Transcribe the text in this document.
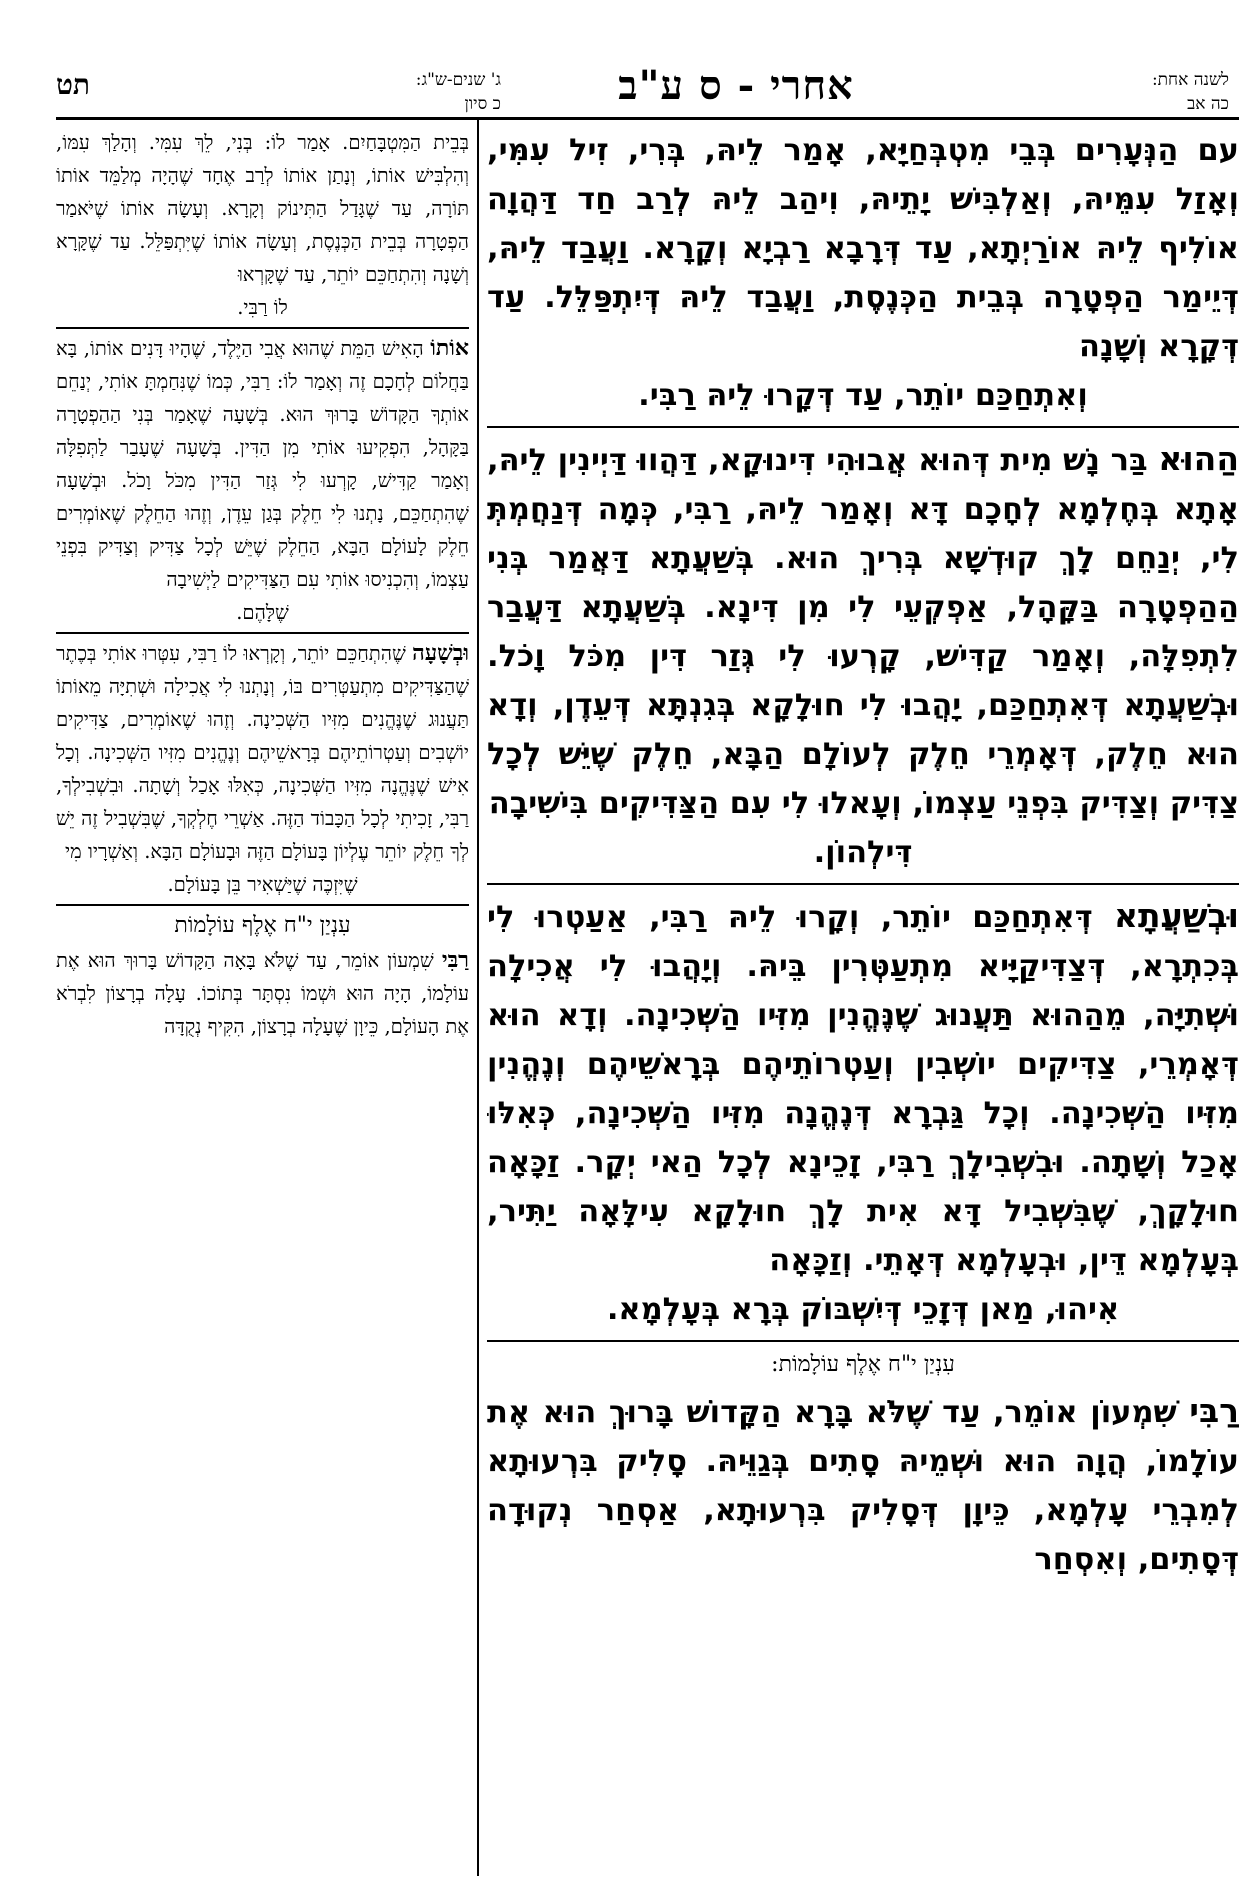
תט	ג' שנים-ש"ג:
כ סיון	אחרי - ס ע"ב	לשנה אחת:
כה אב

עם הַנְּעָרִים בְּבֵי מִטְבְּחַיָּא, אָמַר לֵיהּ, בְּרִי, זִיל עִמִּי, וְאָזַל עִמֵּיהּ, וְאַלְבִּישׁ יָתֵיהּ, וִיהַב לֵיהּ לְרַב חַד דַּהֲוָה אוֹלִיף לֵיהּ אוֹרַיְתָא, עַד דְּרָבָא רַבְיָא וְקָרָא. וַעֲבַד לֵיהּ, דְּיֵימַר הַפְטָרָה בְּבֵית הַכְּנֶסֶת, וַעֲבַד לֵיהּ דְּיִתְפַּלֵּל. עַד דְּקָרָא וְשָׁנָה

וְאִתְחַכַּם יוֹתֵר, עַד דְּקָרוּ לֵיהּ רַבִּי.

הַהוּא בַּר נָשׁ מִית דְּהוּא אֲבוּהִי דִּינוּקָא, דַּהֲווּ דַּיְינִין לֵיהּ, אָתָא בְּחֶלְמָא לְחָכָם דָּא וְאָמַר לֵיהּ, רַבִּי, כְּמָה דְּנַחֲמְתְּ לִי, יְנַחֵם לָךְ קוּדְשָׁא בְּרִיךְ הוּא. בְּשַׁעֲתָא דַּאֲמַר בְּנִי הַהַפְטָרָה בַּקָּהָל, אַפְקְעֵי לִי מִן דִּינָא. בְּשַׁעֲתָא דַּעֲבַר לִתְפִלָּה, וְאָמַר קַדִּישׁ, קָרְעוּ לִי גְּזַר דִּין מִכֹּל וָכֹל. וּבְשַׁעֲתָא דְּאִתְחַכַּם, יָהֲבוּ לִי חוּלָקָא בְּגִנְתָּא דְּעֵדֶן, וְדָא הוּא חֵלֶק, דְּאָמְרֵי חֵלֶק לְעוֹלָם הַבָּא, חֵלֶק שֶׁיֵּשׁ לְכָל צַדִּיק וְצַדִּיק בִּפְנֵי עַצְמוֹ, וְעָאלוּ לִי עִם הַצַּדִּיקִים בִּישִׁיבָה

דִּילְהוֹן.

וּבְשַׁעֲתָא דְּאִתְחַכַּם יוֹתֵר, וְקָרוּ לֵיהּ רַבִּי, אַעַטְרוּ לִי בְּכִתְרָא, דְּצַדִּיקַיָּיא מִתְעַטְּרִין בֵּיהּ. וְיָהֲבוּ לִי אֲכִילָה וּשְׁתִיָּה, מֵהַהוּא תַּעֲנוּג שֶׁנֶּהֱנִין מִזִּיו הַשְּׁכִינָה. וְדָא הוּא דְּאָמְרֵי, צַדִּיקִים יוֹשְׁבִין וְעַטְרוֹתֵיהֶם בְּרָאשֵׁיהֶם וְנֶהֱנִין מִזִּיו הַשְּׁכִינָה. וְכָל גַּבְרָא דְּנֶהֱנָה מִזִּיו הַשְּׁכִינָה, כְּאִלּוּ אָכַל וְשָׁתָה. וּבִשְׁבִילָךְ רַבִּי, זָכֵינָא לְכָל הַאי יְקָר. זַכָּאָה חוּלָקָךְ, שֶׁבִּשְׁבִיל דָּא אִית לָךְ חוּלָקָא עִילָּאָה יַתִּיר, בְּעָלְמָא דֵּין, וּבְעָלְמָא דְּאָתֵי. וְזַכָּאָה

אִיהוּ, מַאן דְּזָכֵי דְּיִשְׁבּוֹק בְּרָא בְּעָלְמָא.

עִנְיַן י"ח אֶלֶף עוֹלָמוֹת:

רַבִּי שִׁמְעוֹן אוֹמֵר, עַד שֶׁלֹּא בָּרָא הַקָּדוֹשׁ בָּרוּךְ הוּא אֶת עוֹלָמוֹ, הֲוָה הוּא וּשְׁמֵיהּ סָתִים בְּגַוֵּיהּ. סָלִיק בִּרְעוּתָא לְמִבְרֵי עָלְמָא, כֵּיוָן דְּסָלִיק בִּרְעוּתָא, אַסְחַר נְקוּדָה דְּסָתִים, וְאִסְחַר

בְּבֵית הַמִּטְבָּחַיִם. אָמַר לוֹ: בְּנִי, לֵךְ עִמִּי. וְהָלַךְ עִמּוֹ, וְהִלְבִּישׁ אוֹתוֹ, וְנָתַן אוֹתוֹ לְרַב אֶחָד שֶׁהָיָה מְלַמֵּד אוֹתוֹ תּוֹרָה, עַד שֶׁגָּדַל הַתִּינוֹק וְקָרָא. וְעָשָׂה אוֹתוֹ שֶׁיֹּאמַר הַפְטָרָה בְּבֵית הַכְּנֶסֶת, וְעָשָׂה אוֹתוֹ שֶׁיִּתְפַּלֵּל. עַד שֶׁקָּרָא וְשָׁנָה וְהִתְחַכֵּם יוֹתֵר, עַד שֶׁקָּרְאוּ

לוֹ רַבִּי.

אוֹתוֹ הָאִישׁ הַמֵּת שֶׁהוּא אֲבִי הַיֶּלֶד, שֶׁהָיוּ דָּנִים אוֹתוֹ, בָּא בַּחֲלוֹם לְחָכָם זֶה וְאָמַר לוֹ: רַבִּי, כְּמוֹ שֶׁנִּחַמְתָּ אוֹתִי, יְנַחֵם אוֹתְךָ הַקָּדוֹשׁ בָּרוּךְ הוּא. בְּשָׁעָה שֶׁאָמַר בְּנִי הַהַפְטָרָה בַּקָּהָל, הִפְקִיעוּ אוֹתִי מִן הַדִּין. בְּשָׁעָה שֶׁעָבַר לַתְּפִלָּה וְאָמַר קַדִּישׁ, קָרְעוּ לִי גְּזַר הַדִּין מִכֹּל וָכֹל. וּבְשָׁעָה שֶׁהִתְחַכֵּם, נָתְנוּ לִי חֵלֶק בְּגַן עֵדֶן, וְזֶהוּ הַחֵלֶק שֶׁאוֹמְרִים חֵלֶק לָעוֹלָם הַבָּא, הַחֵלֶק שֶׁיֵּשׁ לְכָל צַדִּיק וְצַדִּיק בִּפְנֵי עַצְמוֹ, וְהִכְנִיסוּ אוֹתִי עִם הַצַּדִּיקִים לַיְשִׁיבָה

שֶׁלָּהֶם.

וּבְשָׁעָה שֶׁהִתְחַכֵּם יוֹתֵר, וְקָרְאוּ לוֹ רַבִּי, עִטְּרוּ אוֹתִי בְּכֶתֶר שֶׁהַצַּדִּיקִים מִתְעַטְּרִים בּוֹ, וְנָתְנוּ לִי אֲכִילָה וּשְׁתִיָּה מֵאוֹתוֹ תַּעֲנוּג שֶׁנֶּהֱנִים מִזִּיו הַשְּׁכִינָה. וְזֶהוּ שֶׁאוֹמְרִים, צַדִּיקִים יוֹשְׁבִים וְעַטְרוֹתֵיהֶם בְּרָאשֵׁיהֶם וְנֶהֱנִים מִזִּיו הַשְּׁכִינָה. וְכָל אִישׁ שֶׁנֶּהֱנָה מִזִּיו הַשְּׁכִינָה, כְּאִלּוּ אָכַל וְשָׁתָה. וּבִשְׁבִילְךָ, רַבִּי, זָכִיתִי לְכָל הַכָּבוֹד הַזֶּה. אַשְׁרֵי חֶלְקְךָ, שֶׁבִּשְׁבִיל זֶה יֵשׁ לְךָ חֵלֶק יוֹתֵר עֶלְיוֹן בָּעוֹלָם הַזֶּה וּבָעוֹלָם הַבָּא. וְאַשְׁרָיו מִי

שֶׁיִּזְכֶּה שֶׁיַּשְׁאִיר בֵּן בָּעוֹלָם.

עִנְיַן י"ח אֶלֶף עוֹלָמוֹת

רַבִּי שִׁמְעוֹן אוֹמֵר, עַד שֶׁלֹּא בָּאָה הַקָּדוֹשׁ בָּרוּךְ הוּא אֶת עוֹלָמוֹ, הָיָה הוּא וּשְׁמוֹ נִסְתָּר בְּתוֹכוֹ. עָלָה בְרָצוֹן לִבְרֹא אֶת הָעוֹלָם, כֵּיוָן שֶׁעָלָה בְרָצוֹן, הִקִּיף נְקֻדָּה
